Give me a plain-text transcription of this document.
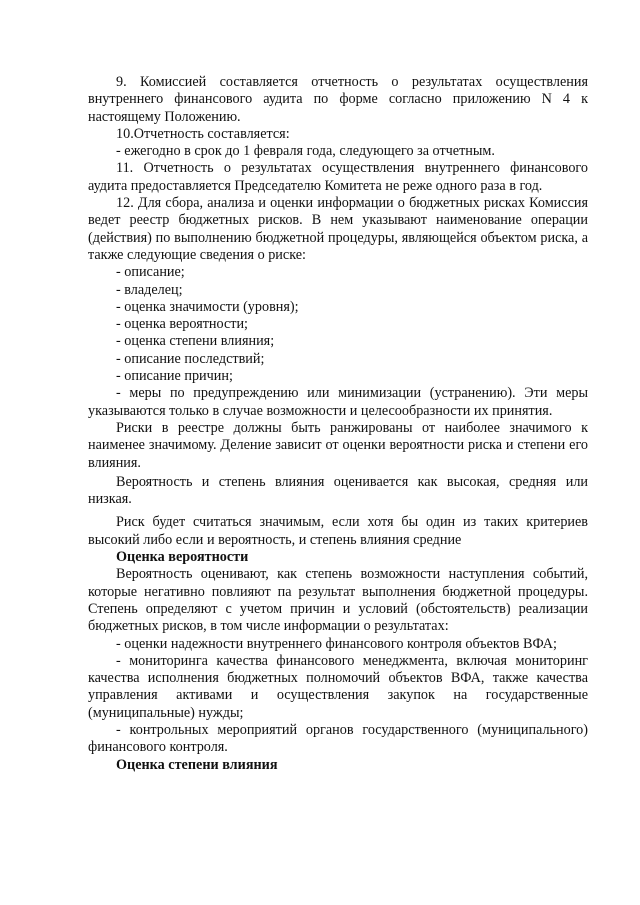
9. Комиссией составляется отчетность о результатах осуществления внутреннего финансового аудита по форме согласно приложению N 4 к настоящему Положению.

10.Отчетность составляется:

- ежегодно в срок до 1 февраля года, следующего за отчетным.

11. Отчетность о результатах осуществления внутреннего финансового аудита предоставляется Председателю Комитета не реже одного раза в год.

12. Для сбора, анализа и оценки информации о бюджетных рисках Комиссия ведет реестр бюджетных рисков. В нем указывают наименование операции (действия) по выполнению бюджетной процедуры, являющейся объектом риска, а также следующие сведения о риске:

- описание;

- владелец;

- оценка значимости (уровня);

- оценка вероятности;

- оценка степени влияния;

- описание последствий;

- описание причин;

- меры по предупреждению или минимизации (устранению). Эти меры указываются только в случае возможности и целесообразности их принятия.

Риски в реестре должны быть ранжированы от наиболее значимого к наименее значимому. Деление зависит от оценки вероятности риска и степени его влияния.

Вероятность и степень влияния оценивается как высокая, средняя или низкая.

Риск будет считаться значимым, если хотя бы один из таких критериев высокий либо если и вероятность, и степень влияния средние

Оценка вероятности

Вероятность оценивают, как степень возможности наступления событий, которые негативно повлияют па результат выполнения бюджетной процедуры. Степень определяют с учетом причин и условий (обстоятельств) реализации бюджетных рисков, в том числе информации о результатах:

- оценки надежности внутреннего финансового контроля объектов ВФА;

- мониторинга качества финансового менеджмента, включая мониторинг качества исполнения бюджетных полномочий объектов ВФА, также качества управления активами и осуществления закупок на государственные (муниципальные) нужды;

- контрольных мероприятий органов государственного (муниципального) финансового контроля.

Оценка степени влияния
